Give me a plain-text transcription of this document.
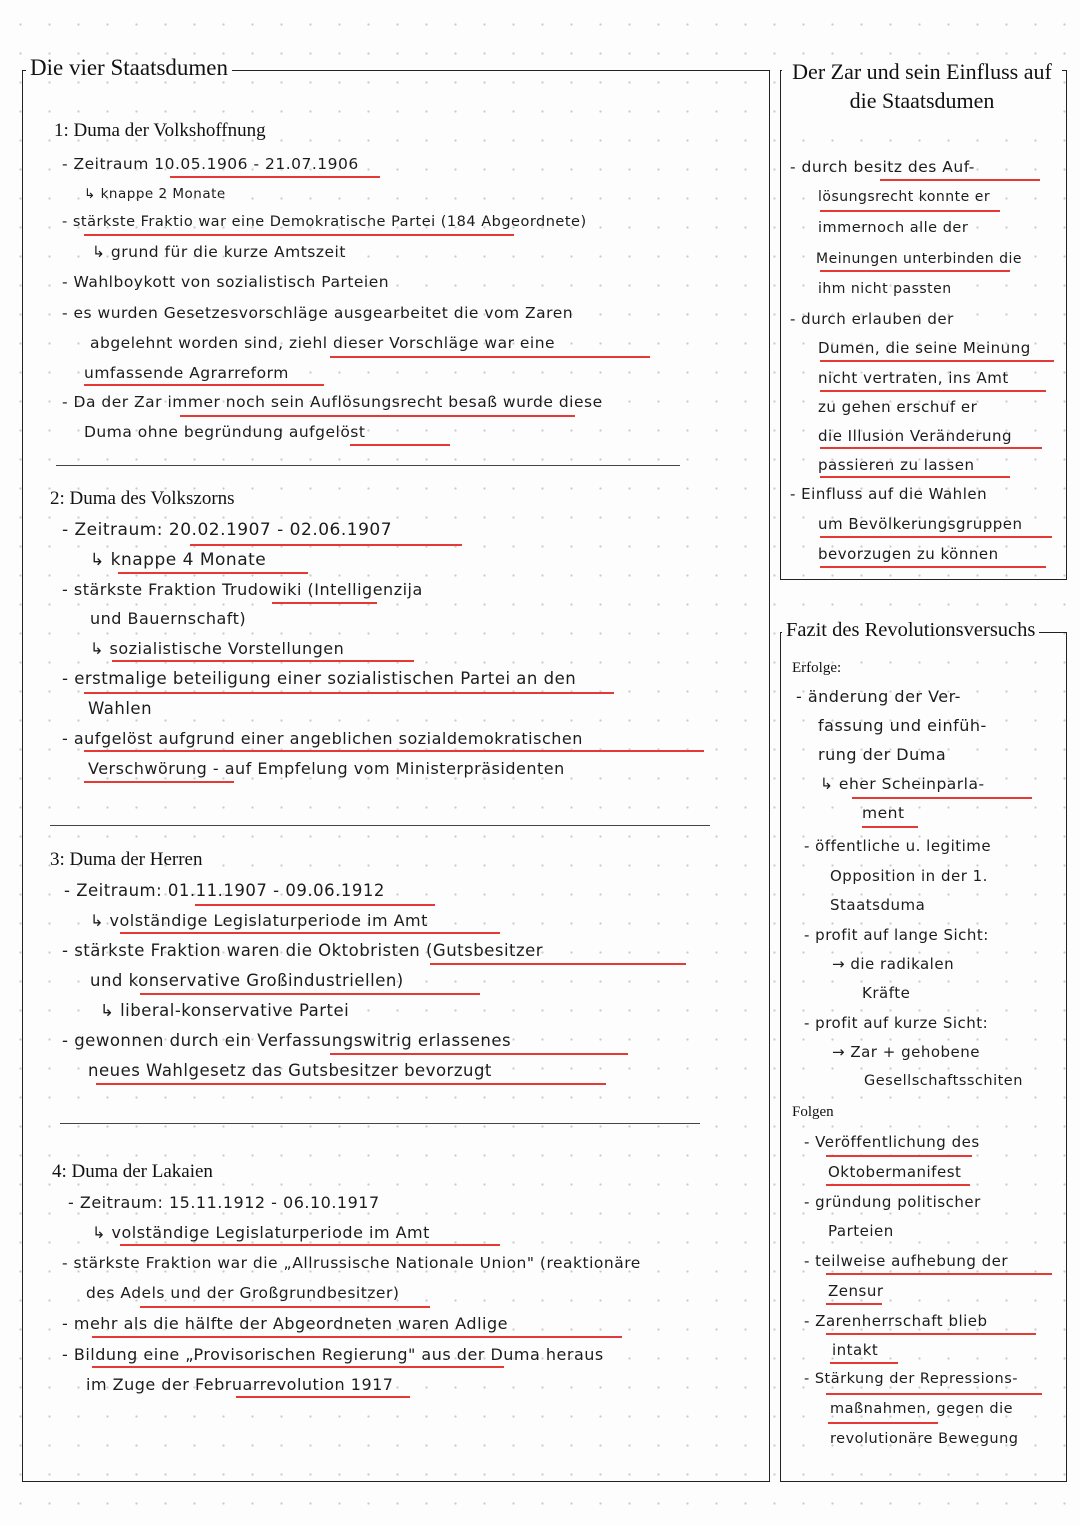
Die vier Staatsdumen
1: Duma der Volkshoffnung
- Zeitraum 10.05.1906 - 21.07.1906
↳ knappe 2 Monate
- stärkste Fraktio war eine Demokratische Partei (184 Abgeordnete)
↳ grund für die kurze Amtszeit
- Wahlboykott von sozialistisch Parteien
- es wurden Gesetzesvorschläge ausgearbeitet die vom Zaren
abgelehnt worden sind, ziehl dieser Vorschläge war eine
umfassende Agrarreform
- Da der Zar immer noch sein Auflösungsrecht besaß wurde diese
Duma ohne begründung aufgelöst
2: Duma des Volkszorns
- Zeitraum: 20.02.1907 - 02.06.1907
↳ knappe 4 Monate
- stärkste Fraktion Trudowiki (Intelligenzija
und Bauernschaft)
↳ sozialistische Vorstellungen
- erstmalige beteiligung einer sozialistischen Partei an den
Wahlen
- aufgelöst aufgrund einer angeblichen sozialdemokratischen
Verschwörung - auf Empfelung vom Ministerpräsidenten
3: Duma der Herren
- Zeitraum: 01.11.1907 - 09.06.1912
↳ volständige Legislaturperiode im Amt
- stärkste Fraktion waren die Oktobristen (Gutsbesitzer
und konservative Großindustriellen)
↳ liberal-konservative Partei
- gewonnen durch ein Verfassungswitrig erlassenes
neues Wahlgesetz das Gutsbesitzer bevorzugt
4: Duma der Lakaien
- Zeitraum: 15.11.1912 - 06.10.1917
↳ volständige Legislaturperiode im Amt
- stärkste Fraktion war die „Allrussische Nationale Union" (reaktionäre
des Adels und der Großgrundbesitzer)
- mehr als die hälfte der Abgeordneten waren Adlige
- Bildung eine „Provisorischen Regierung" aus der Duma heraus
im Zuge der Februarrevolution 1917
Der Zar und sein Einfluss auf
die Staatsdumen
- durch besitz des Auf-
lösungsrecht konnte er
immernoch alle der
Meinungen unterbinden die
ihm nicht passten
- durch erlauben der
Dumen, die seine Meinung
nicht vertraten, ins Amt
zu gehen erschuf er
die Illusion Veränderung
passieren zu lassen
- Einfluss auf die Wahlen
um Bevölkerungsgruppen
bevorzugen zu können
Fazit des Revolutionsversuchs
Erfolge:
- änderung der Ver-
fassung und einfüh-
rung der Duma
↳ eher Scheinparla-
ment
- öffentliche u. legitime
Opposition in der 1.
Staatsduma
- profit auf lange Sicht:
→ die radikalen
Kräfte
- profit auf kurze Sicht:
→ Zar + gehobene
Gesellschaftsschiten
Folgen
- Veröffentlichung des
Oktobermanifest
- gründung politischer
Parteien
- teilweise aufhebung der
Zensur
- Zarenherrschaft blieb
intakt
- Stärkung der Repressions-
maßnahmen, gegen die
revolutionäre Bewegung
